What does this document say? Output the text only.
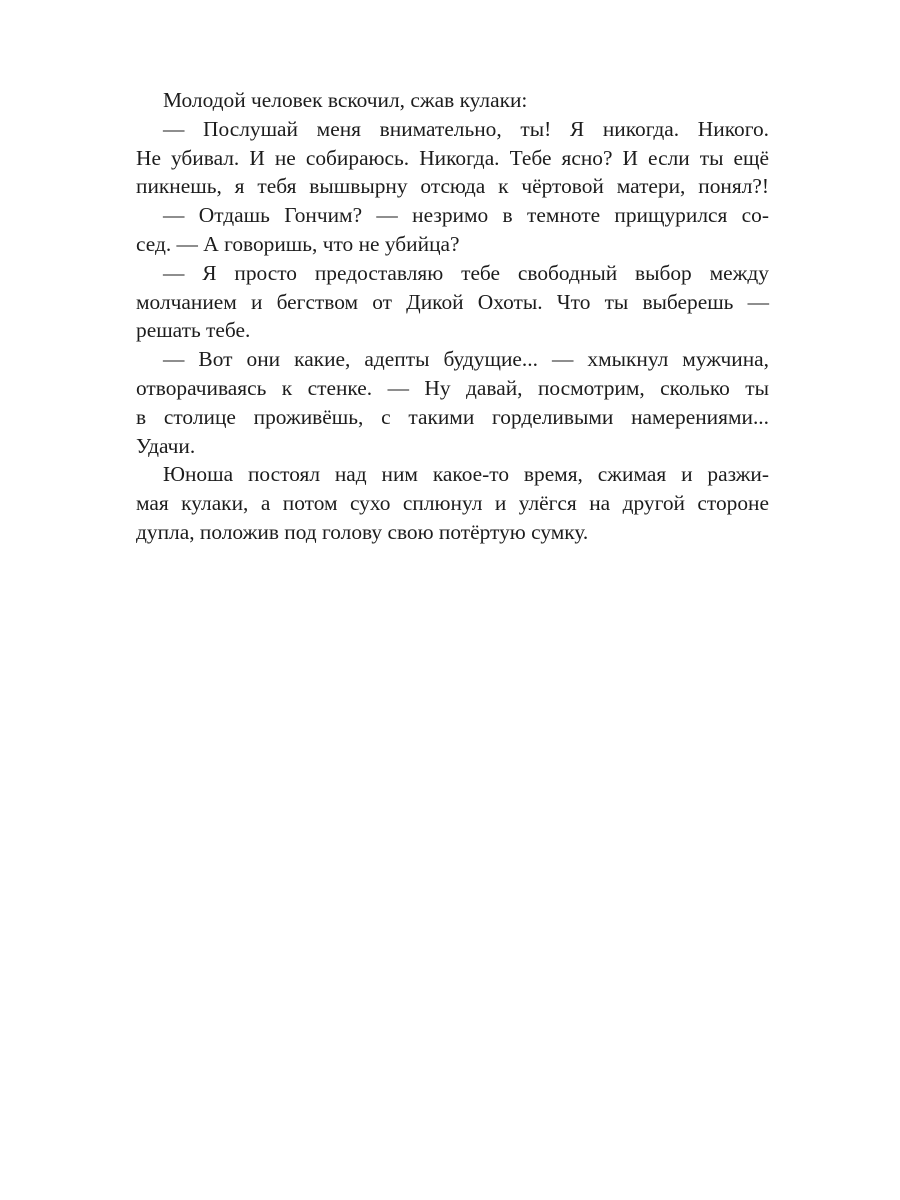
Молодой человек вскочил, сжав кулаки:
— Послушай меня внимательно, ты! Я никогда. Никого.
Не убивал. И не собираюсь. Никогда. Тебе ясно? И если ты ещё
пикнешь, я тебя вышвырну отсюда к чёртовой матери, понял?!
— Отдашь Гончим? — незримо в темноте прищурился со-
сед. — А говоришь, что не убийца?
— Я просто предоставляю тебе свободный выбор между
молчанием и бегством от Дикой Охоты. Что ты выберешь —
решать тебе.
— Вот они какие, адепты будущие... — хмыкнул мужчина,
отворачиваясь к стенке. — Ну давай, посмотрим, сколько ты
в столице проживёшь, с такими горделивыми намерениями...
Удачи.
Юноша постоял над ним какое-то время, сжимая и разжи-
мая кулаки, а потом сухо сплюнул и улёгся на другой стороне
дупла, положив под голову свою потёртую сумку.
